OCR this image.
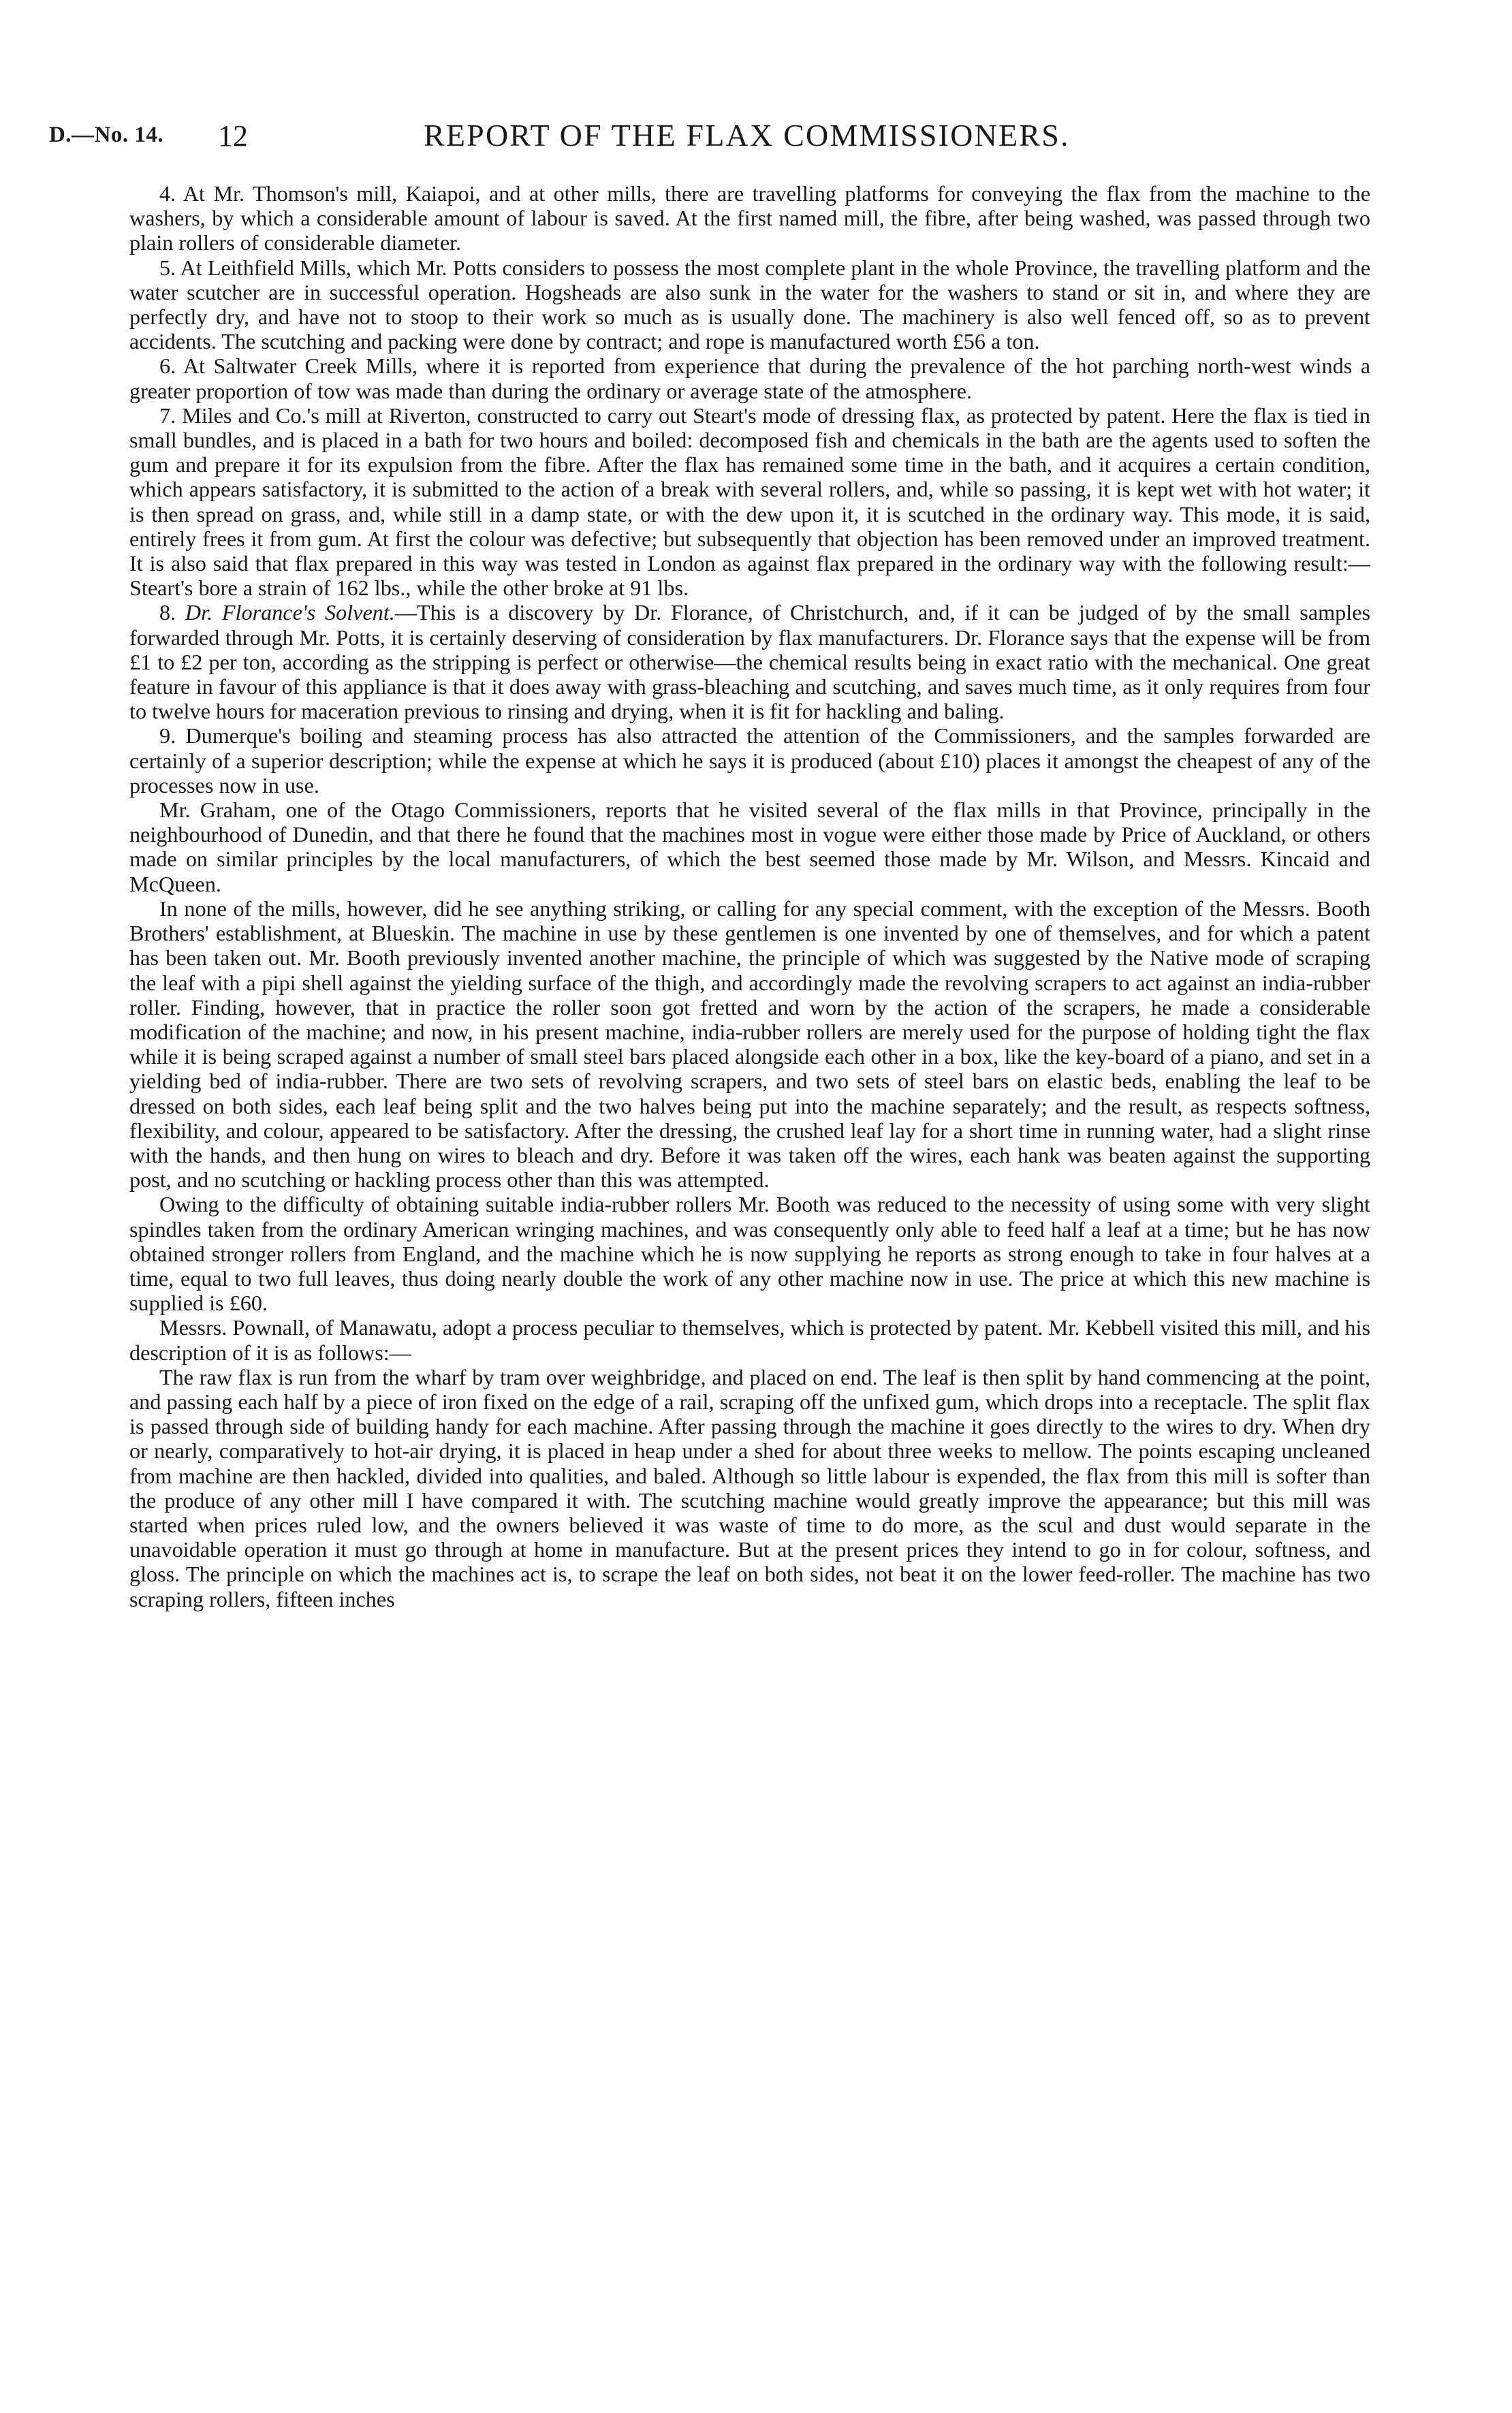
D.—No. 14. 12	REPORT OF THE FLAX COMMISSIONERS.

4. At Mr. Thomson's mill, Kaiapoi, and at other mills, there are travelling platforms for conveying the flax from the machine to the washers, by which a considerable amount of labour is saved. At the first named mill, the fibre, after being washed, was passed through two plain rollers of considerable diameter.

5. At Leithfield Mills, which Mr. Potts considers to possess the most complete plant in the whole Province, the travelling platform and the water scutcher are in successful operation. Hogsheads are also sunk in the water for the washers to stand or sit in, and where they are perfectly dry, and have not to stoop to their work so much as is usually done. The machinery is also well fenced off, so as to prevent accidents. The scutching and packing were done by contract; and rope is manufactured worth £56 a ton.

6. At Saltwater Creek Mills, where it is reported from experience that during the prevalence of the hot parching north-west winds a greater proportion of tow was made than during the ordinary or average state of the atmosphere.

7. Miles and Co.'s mill at Riverton, constructed to carry out Steart's mode of dressing flax, as protected by patent. Here the flax is tied in small bundles, and is placed in a bath for two hours and boiled: decomposed fish and chemicals in the bath are the agents used to soften the gum and prepare it for its expulsion from the fibre. After the flax has remained some time in the bath, and it acquires a certain condition, which appears satisfactory, it is submitted to the action of a break with several rollers, and, while so passing, it is kept wet with hot water; it is then spread on grass, and, while still in a damp state, or with the dew upon it, it is scutched in the ordinary way. This mode, it is said, entirely frees it from gum. At first the colour was defective; but subsequently that objection has been removed under an improved treatment. It is also said that flax prepared in this way was tested in London as against flax prepared in the ordinary way with the following result:—Steart's bore a strain of 162 lbs., while the other broke at 91 lbs.

8. Dr. Florance's Solvent.—This is a discovery by Dr. Florance, of Christchurch, and, if it can be judged of by the small samples forwarded through Mr. Potts, it is certainly deserving of consideration by flax manufacturers. Dr. Florance says that the expense will be from £1 to £2 per ton, according as the stripping is perfect or otherwise—the chemical results being in exact ratio with the mechanical. One great feature in favour of this appliance is that it does away with grass-bleaching and scutching, and saves much time, as it only requires from four to twelve hours for maceration previous to rinsing and drying, when it is fit for hackling and baling.

9. Dumerque's boiling and steaming process has also attracted the attention of the Commissioners, and the samples forwarded are certainly of a superior description; while the expense at which he says it is produced (about £10) places it amongst the cheapest of any of the processes now in use.

Mr. Graham, one of the Otago Commissioners, reports that he visited several of the flax mills in that Province, principally in the neighbourhood of Dunedin, and that there he found that the machines most in vogue were either those made by Price of Auckland, or others made on similar principles by the local manufacturers, of which the best seemed those made by Mr. Wilson, and Messrs. Kincaid and McQueen.

In none of the mills, however, did he see anything striking, or calling for any special comment, with the exception of the Messrs. Booth Brothers' establishment, at Blueskin. The machine in use by these gentlemen is one invented by one of themselves, and for which a patent has been taken out. Mr. Booth previously invented another machine, the principle of which was suggested by the Native mode of scraping the leaf with a pipi shell against the yielding surface of the thigh, and accordingly made the revolving scrapers to act against an india-rubber roller. Finding, however, that in practice the roller soon got fretted and worn by the action of the scrapers, he made a considerable modification of the machine; and now, in his present machine, india-rubber rollers are merely used for the purpose of holding tight the flax while it is being scraped against a number of small steel bars placed alongside each other in a box, like the key-board of a piano, and set in a yielding bed of india-rubber. There are two sets of revolving scrapers, and two sets of steel bars on elastic beds, enabling the leaf to be dressed on both sides, each leaf being split and the two halves being put into the machine separately; and the result, as respects softness, flexibility, and colour, appeared to be satisfactory. After the dressing, the crushed leaf lay for a short time in running water, had a slight rinse with the hands, and then hung on wires to bleach and dry. Before it was taken off the wires, each hank was beaten against the supporting post, and no scutching or hackling process other than this was attempted.

Owing to the difficulty of obtaining suitable india-rubber rollers Mr. Booth was reduced to the necessity of using some with very slight spindles taken from the ordinary American wringing machines, and was consequently only able to feed half a leaf at a time; but he has now obtained stronger rollers from England, and the machine which he is now supplying he reports as strong enough to take in four halves at a time, equal to two full leaves, thus doing nearly double the work of any other machine now in use. The price at which this new machine is supplied is £60.

Messrs. Pownall, of Manawatu, adopt a process peculiar to themselves, which is protected by patent. Mr. Kebbell visited this mill, and his description of it is as follows:—

The raw flax is run from the wharf by tram over weighbridge, and placed on end. The leaf is then split by hand commencing at the point, and passing each half by a piece of iron fixed on the edge of a rail, scraping off the unfixed gum, which drops into a receptacle. The split flax is passed through side of building handy for each machine. After passing through the machine it goes directly to the wires to dry. When dry or nearly, comparatively to hot-air drying, it is placed in heap under a shed for about three weeks to mellow. The points escaping uncleaned from machine are then hackled, divided into qualities, and baled. Although so little labour is expended, the flax from this mill is softer than the produce of any other mill I have compared it with. The scutching machine would greatly improve the appearance; but this mill was started when prices ruled low, and the owners believed it was waste of time to do more, as the scul and dust would separate in the unavoidable operation it must go through at home in manufacture. But at the present prices they intend to go in for colour, softness, and gloss. The principle on which the machines act is, to scrape the leaf on both sides, not beat it on the lower feed-roller. The machine has two scraping rollers, fifteen inches
